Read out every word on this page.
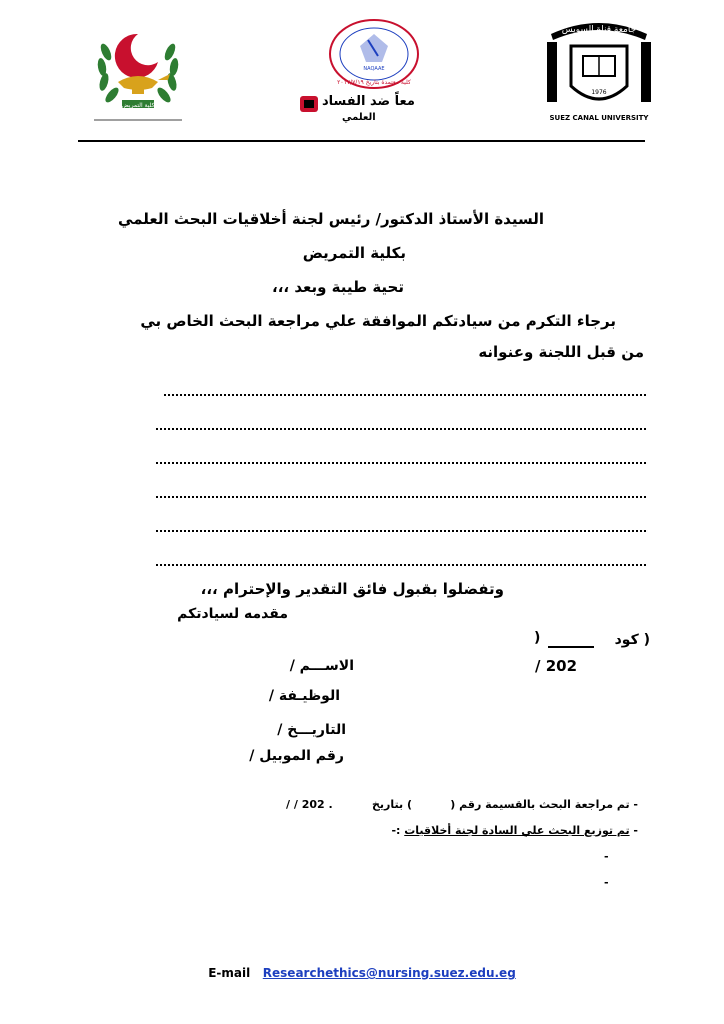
كلية التمريض
NAQAAE
كلية معتمدة بتاريخ ٢٠١٧/٧/١٩
معاً ضد الفساد
العلمي
جامعة قناة السويس
1976
SUEZ CANAL UNIVERSITY
السيدة الأستاذ الدكتور/ رئيس لجنة أخلاقيات البحث العلمي
بكلية التمريض
تحية طيبة وبعد ،،،
برجاء التكرم من سيادتكم الموافقة علي مراجعة البحث الخاص بي
من قبل اللجنة وعنوانه
وتفضلوا بقبول فائق التقدير والإحترام ،،،
مقدمه لسيادتكم
( كود
)
/ 202
الاســـم /
الوظيـفة /
التاريـــخ /
رقم الموبيل /
- تم مراجعة البحث بالقسيمة رقم (
) بتاريخ
/ / 202 .
- تم توزيع البحث علي السادة لجنة أخلاقيات :-
-
-
E-mail Researchethics@nursing.suez.edu.eg
